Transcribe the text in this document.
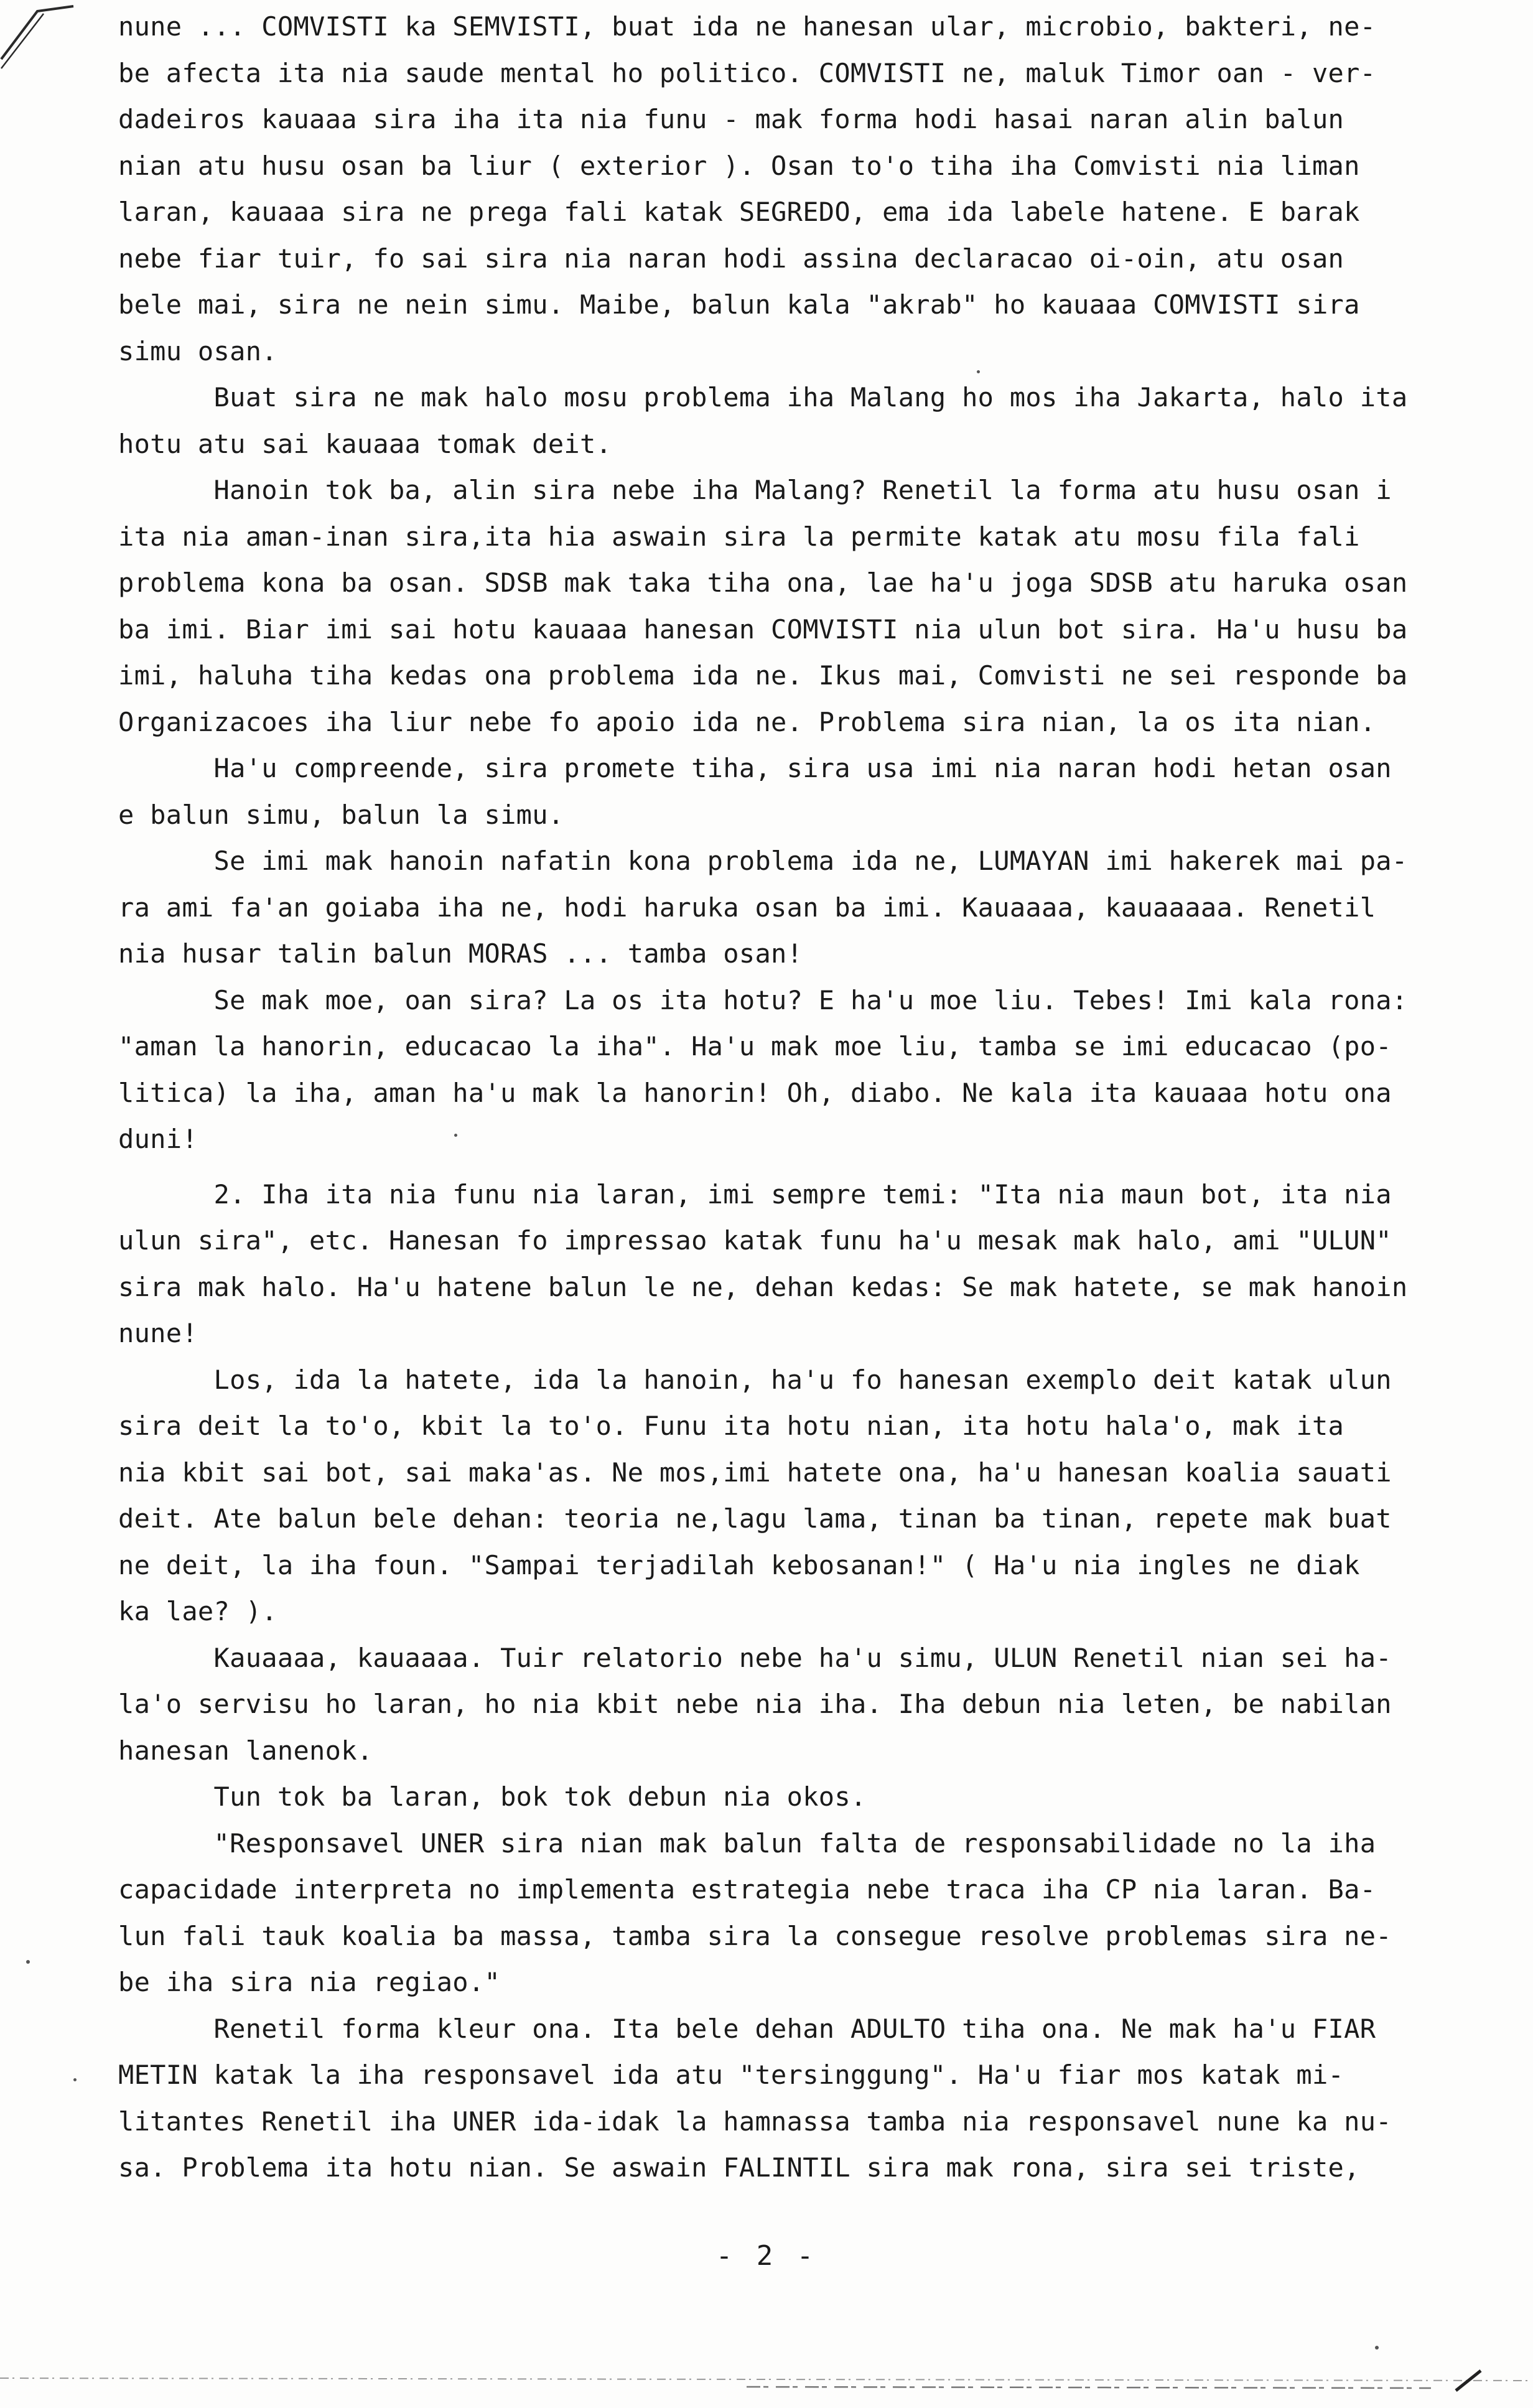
nune ... COMVISTI ka SEMVISTI, buat ida ne hanesan ular, microbio, bakteri, ne-
be afecta ita nia saude mental ho politico. COMVISTI ne, maluk Timor oan - ver-
dadeiros kauaaa sira iha ita nia funu - mak forma hodi hasai naran alin balun
nian atu husu osan ba liur ( exterior ). Osan to'o tiha iha Comvisti nia liman
laran, kauaaa sira ne prega fali katak SEGREDO, ema ida labele hatene. E barak
nebe fiar tuir, fo sai sira nia naran hodi assina declaracao oi-oin, atu osan
bele mai, sira ne nein simu. Maibe, balun kala "akrab" ho kauaaa COMVISTI sira
simu osan.
Buat sira ne mak halo mosu problema iha Malang ho mos iha Jakarta, halo ita
hotu atu sai kauaaa tomak deit.
Hanoin tok ba, alin sira nebe iha Malang? Renetil la forma atu husu osan i
ita nia aman-inan sira,ita hia aswain sira la permite katak atu mosu fila fali
problema kona ba osan. SDSB mak taka tiha ona, lae ha'u joga SDSB atu haruka osan
ba imi. Biar imi sai hotu kauaaa hanesan COMVISTI nia ulun bot sira. Ha'u husu ba
imi, haluha tiha kedas ona problema ida ne. Ikus mai, Comvisti ne sei responde ba
Organizacoes iha liur nebe fo apoio ida ne. Problema sira nian, la os ita nian.
Ha'u compreende, sira promete tiha, sira usa imi nia naran hodi hetan osan
e balun simu, balun la simu.
Se imi mak hanoin nafatin kona problema ida ne, LUMAYAN imi hakerek mai pa-
ra ami fa'an goiaba iha ne, hodi haruka osan ba imi. Kauaaaa, kauaaaaa. Renetil
nia husar talin balun MORAS ... tamba osan!
Se mak moe, oan sira? La os ita hotu? E ha'u moe liu. Tebes! Imi kala rona:
"aman la hanorin, educacao la iha". Ha'u mak moe liu, tamba se imi educacao (po-
litica) la iha, aman ha'u mak la hanorin! Oh, diabo. Ne kala ita kauaaa hotu ona
duni!
2. Iha ita nia funu nia laran, imi sempre temi: "Ita nia maun bot, ita nia
ulun sira", etc. Hanesan fo impressao katak funu ha'u mesak mak halo, ami "ULUN"
sira mak halo. Ha'u hatene balun le ne, dehan kedas: Se mak hatete, se mak hanoin
nune!
Los, ida la hatete, ida la hanoin, ha'u fo hanesan exemplo deit katak ulun
sira deit la to'o, kbit la to'o. Funu ita hotu nian, ita hotu hala'o, mak ita
nia kbit sai bot, sai maka'as. Ne mos,imi hatete ona, ha'u hanesan koalia sauati
deit. Ate balun bele dehan: teoria ne,lagu lama, tinan ba tinan, repete mak buat
ne deit, la iha foun. "Sampai terjadilah kebosanan!" ( Ha'u nia ingles ne diak
ka lae? ).
Kauaaaa, kauaaaa. Tuir relatorio nebe ha'u simu, ULUN Renetil nian sei ha-
la'o servisu ho laran, ho nia kbit nebe nia iha. Iha debun nia leten, be nabilan
hanesan lanenok.
Tun tok ba laran, bok tok debun nia okos.
"Responsavel UNER sira nian mak balun falta de responsabilidade no la iha
capacidade interpreta no implementa estrategia nebe traca iha CP nia laran. Ba-
lun fali tauk koalia ba massa, tamba sira la consegue resolve problemas sira ne-
be iha sira nia regiao."
Renetil forma kleur ona. Ita bele dehan ADULTO tiha ona. Ne mak ha'u FIAR
METIN katak la iha responsavel ida atu "tersinggung". Ha'u fiar mos katak mi-
litantes Renetil iha UNER ida-idak la hamnassa tamba nia responsavel nune ka nu-
sa. Problema ita hotu nian. Se aswain FALINTIL sira mak rona, sira sei triste,
- 2 -
